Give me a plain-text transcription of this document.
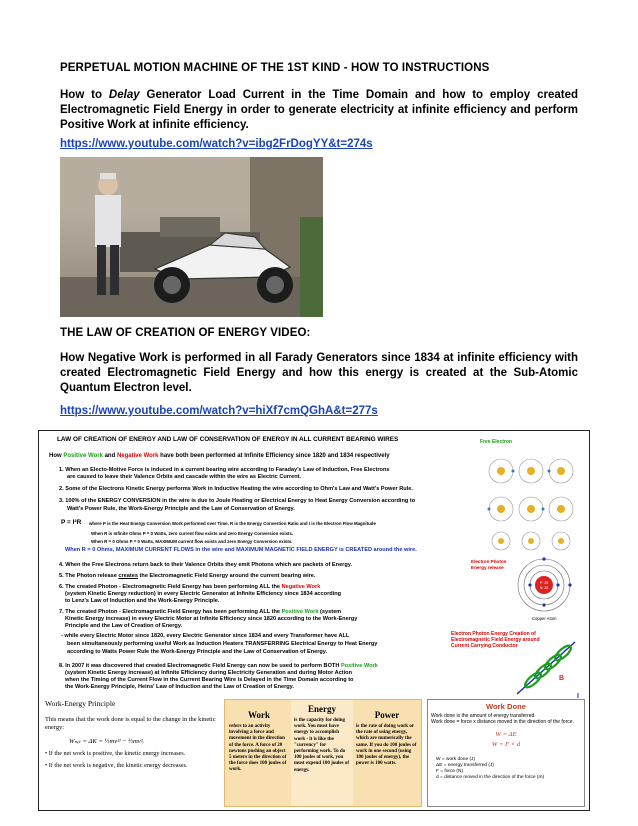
PERPETUAL MOTION MACHINE OF THE 1ST KIND - HOW TO INSTRUCTIONS
How to Delay Generator Load Current in the Time Domain and how to employ created Electromagnetic Field Energy in order to generate electricity at infinite efficiency and perform Positive Work at infinite efficiency.
https://www.youtube.com/watch?v=ibg2FrDogYY&t=274s
THE LAW OF CREATION OF ENERGY VIDEO:
How Negative Work is performed in all Farady Generators since 1834 at infinite efficiency with created Electromagnetic Field Energy and how this energy is created at the Sub-Atomic Quantum Electron level.
https://www.youtube.com/watch?v=hiXf7cmQGhA&t=277s
LAW OF CREATION OF ENERGY AND LAW OF CONSERVATION OF ENERGY IN ALL CURRENT BEARING WIRES
How Positive Work and Negative Work have both been performed at Infinite Efficiency since 1820 and 1834 respectively
1. When an Electo-Motive Force is induced in a current bearing wire according to Faraday's Law of Induction, Free Electrons
are caused to leave their Valence Orbits and cascade within the wire as Electric Current.
2. Some of the Electrons Kinetic Energy performs Work in Inductive Heating the wire according to Ohm's Law and Watt's Power Rule.
3. 100% of the ENERGY CONVERSION in the wire is due to Joule Heating or Electrical Energy to Heat Energy Conversion according to
Watt's Power Rule, the Work-Energy Principle and the Law of Conservation of Energy.
P = I²R where P is the Heat Energy Conversion Work performed over Time. R is the Energy Convertion Ratio and I is the Electron Flow Magnitude
When R is Infinite Ohms P = 0 Watts, zero current flow exists and zero Energy Conversion exists.
When R = 0 Ohms P = 0 Watts, MAXIMUM current flow exists and zero Energy Conversion exists.
When R = 0 Ohms, MAXIMUM CURRENT FLOWS in the wire and MAXIMUM MAGNETIC FIELD ENERGY is CREATED around the wire.
4. When the Free Electrons return back to their Valence Orbits they emit Photons which are packets of Energy.
5. The Photon release creates the Electromagnetic Field Energy around the current bearing wire.
6. The created Photon - Electromagnetic Field Energy has been performing ALL the Negative Work
(system Kinetic Energy reduction) in every Electric Generator at Infinite Efficiency since 1834 according
to Lenz's Law of Induction and the Work-Energy Principle.
7. The created Photon - Electromagnetic Field Energy has been performing ALL the Positive Work (system
Kinetic Energy increase) in every Electric Motor at Infinite Efficiency since 1820 according to the Work-Energy
Principle and the Law of Creation of Energy.
- while every Electric Motor since 1820, every Electric Generator since 1834 and every Transformer have ALL
been simultaneously performing useful Work as Induction Heaters TRANSFERRING Electrical Energy to Heat Energy
according to Watts Power Rule the Work-Energy Principle and the Law of Conservation of Energy.
8. In 2007 it was discovered that created Electromagnetic Field Energy can now be used to perform BOTH Positive Work
(system Kinetic Energy increase) at Infinite Efficiency during Electricity Generation and during Motor Action
when the Timing of the Current Flow in the Current Bearing Wire is Delayed in the Time Domain according to
the Work-Energy Principle, Heins' Law of Induction and the Law of Creation of Energy.
Free Electron
Electron Photon Energy release
P: 29
N: 35
Copper Atom
Electron Photon Energy Creation of Electromagnetic Field Energy around Current Carrying Conductor
B
I
Work-Energy Principle
This means that the work done is equal to the change in the kinetic energy:
Wₙₑₜ = ΔK = ½mv²ᶠ − ½mv²ᵢ
• If the net work is positive, the kinetic energy increases.
• If the net work is negative, the kinetic energy decreases.
Work
refers to an activity involving a force and movement in the direction of the force. A force of 20 newtons pushing an object 5 meters in the direction of the force does 100 joules of work.
Energy
is the capacity for doing work. You must have energy to accomplish work - it is like the "currency" for performing work. To do 100 joules of work, you must expend 100 joules of energy.
Power
is the rate of doing work or the rate of using energy, which are numerically the same. If you do 100 joules of work in one second (using 100 joules of energy), the power is 100 watts.
Work Done
Work done is the amount of energy transferred.
Work done = force x distance moved in the direction of the force.
W = ΔE
W = F × d
W = work done (J)
ΔE = energy transferred (J)
F = force (N)
d = distance moved in the direction of the force (m)
